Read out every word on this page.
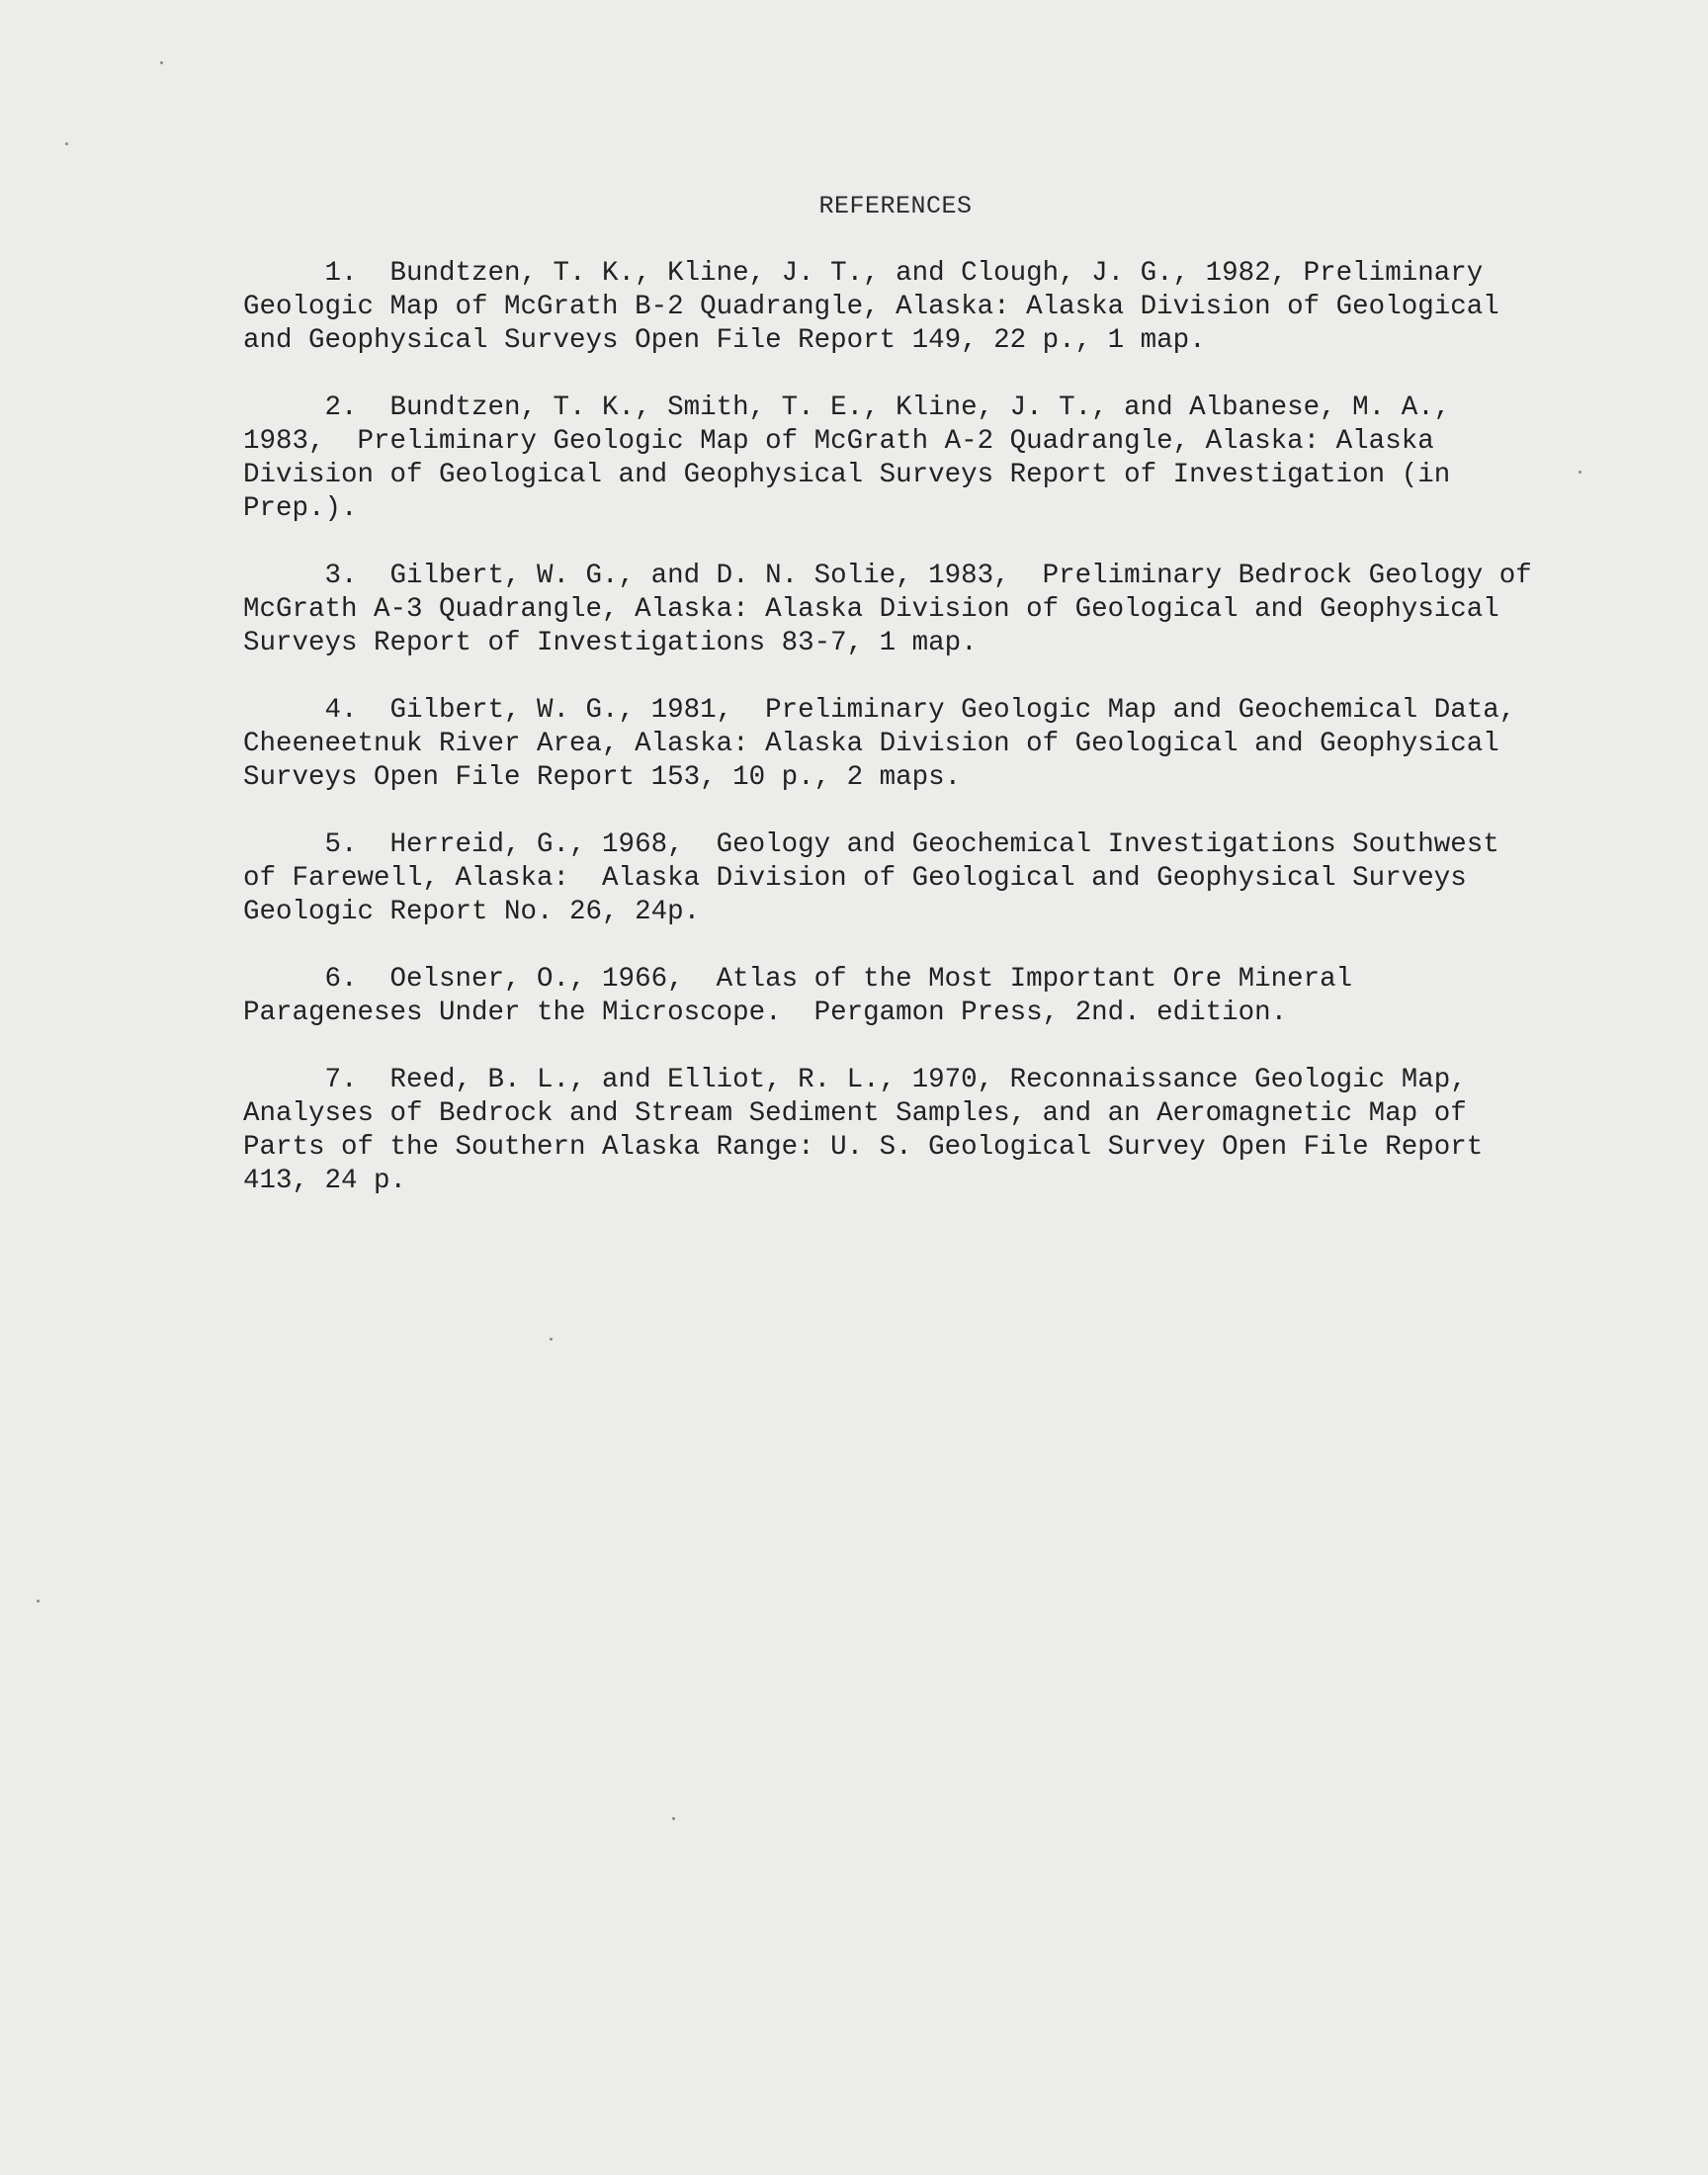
REFERENCES
1.  Bundtzen, T. K., Kline, J. T., and Clough, J. G., 1982, Preliminary
Geologic Map of McGrath B-2 Quadrangle, Alaska: Alaska Division of Geological
and Geophysical Surveys Open File Report 149, 22 p., 1 map.
2.  Bundtzen, T. K., Smith, T. E., Kline, J. T., and Albanese, M. A.,
1983,  Preliminary Geologic Map of McGrath A-2 Quadrangle, Alaska: Alaska
Division of Geological and Geophysical Surveys Report of Investigation (in
Prep.).
3.  Gilbert, W. G., and D. N. Solie, 1983,  Preliminary Bedrock Geology of
McGrath A-3 Quadrangle, Alaska: Alaska Division of Geological and Geophysical
Surveys Report of Investigations 83-7, 1 map.
4.  Gilbert, W. G., 1981,  Preliminary Geologic Map and Geochemical Data,
Cheeneetnuk River Area, Alaska: Alaska Division of Geological and Geophysical
Surveys Open File Report 153, 10 p., 2 maps.
5.  Herreid, G., 1968,  Geology and Geochemical Investigations Southwest
of Farewell, Alaska:  Alaska Division of Geological and Geophysical Surveys
Geologic Report No. 26, 24p.
6.  Oelsner, O., 1966,  Atlas of the Most Important Ore Mineral
Parageneses Under the Microscope.  Pergamon Press, 2nd. edition.
7.  Reed, B. L., and Elliot, R. L., 1970, Reconnaissance Geologic Map,
Analyses of Bedrock and Stream Sediment Samples, and an Aeromagnetic Map of
Parts of the Southern Alaska Range: U. S. Geological Survey Open File Report
413, 24 p.
